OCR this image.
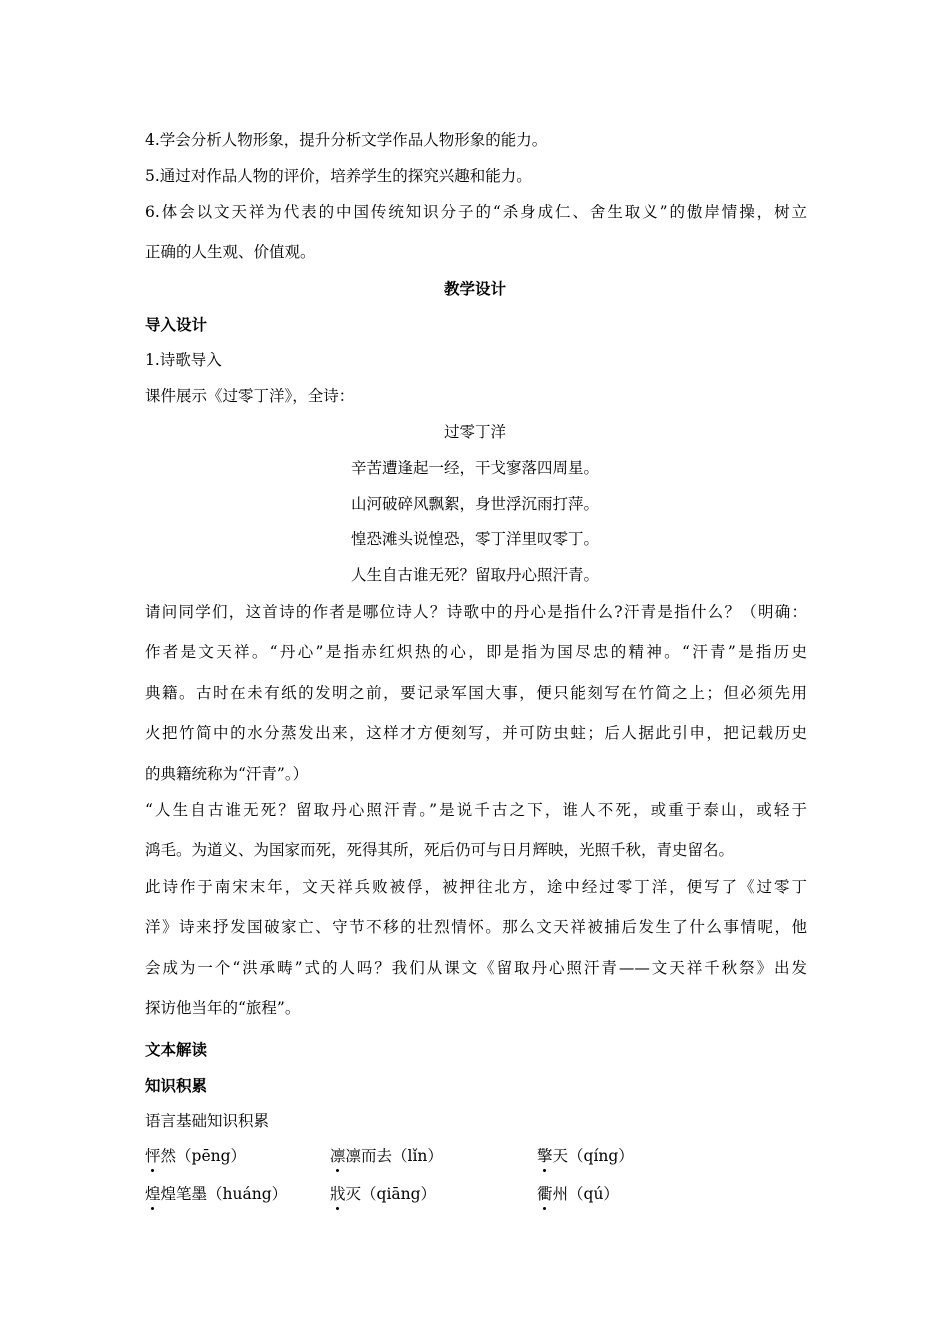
4.学会分析人物形象，提升分析文学作品人物形象的能力。
5.通过对作品人物的评价，培养学生的探究兴趣和能力。
6.体会以文天祥为代表的中国传统知识分子的“杀身成仁、舍生取义”的傲岸情操，树立
正确的人生观、价值观。
教学设计
导入设计
1.诗歌导入
课件展示《过零丁洋》，全诗：
过零丁洋
辛苦遭逢起一经，干戈寥落四周星。
山河破碎风飘絮，身世浮沉雨打萍。
惶恐滩头说惶恐，零丁洋里叹零丁。
人生自古谁无死？留取丹心照汗青。
请问同学们，这首诗的作者是哪位诗人？诗歌中的丹心是指什么?汗青是指什么？（明确：
作者是文天祥。“丹心”是指赤红炽热的心，即是指为国尽忠的精神。“汗青”是指历史
典籍。古时在未有纸的发明之前，要记录军国大事，便只能刻写在竹简之上；但必须先用
火把竹简中的水分蒸发出来，这样才方便刻写，并可防虫蛀；后人据此引申，把记载历史
的典籍统称为“汗青”。）
“人生自古谁无死？留取丹心照汗青。”是说千古之下，谁人不死，或重于泰山，或轻于
鸿毛。为道义、为国家而死，死得其所，死后仍可与日月辉映，光照千秋，青史留名。
此诗作于南宋末年，文天祥兵败被俘，被押往北方，途中经过零丁洋，便写了《过零丁
洋》诗来抒发国破家亡、守节不移的壮烈情怀。那么文天祥被捕后发生了什么事情呢，他
会成为一个“洪承畴”式的人吗？我们从课文《留取丹心照汗青——文天祥千秋祭》出发
探访他当年的“旅程”。
文本解读
知识积累
语言基础知识积累
怦然（pēng）	凛凛而去（lǐn）	擎天（qíng）
煌煌笔墨（huáng）	戕灭（qiāng）	衢州（qú）
